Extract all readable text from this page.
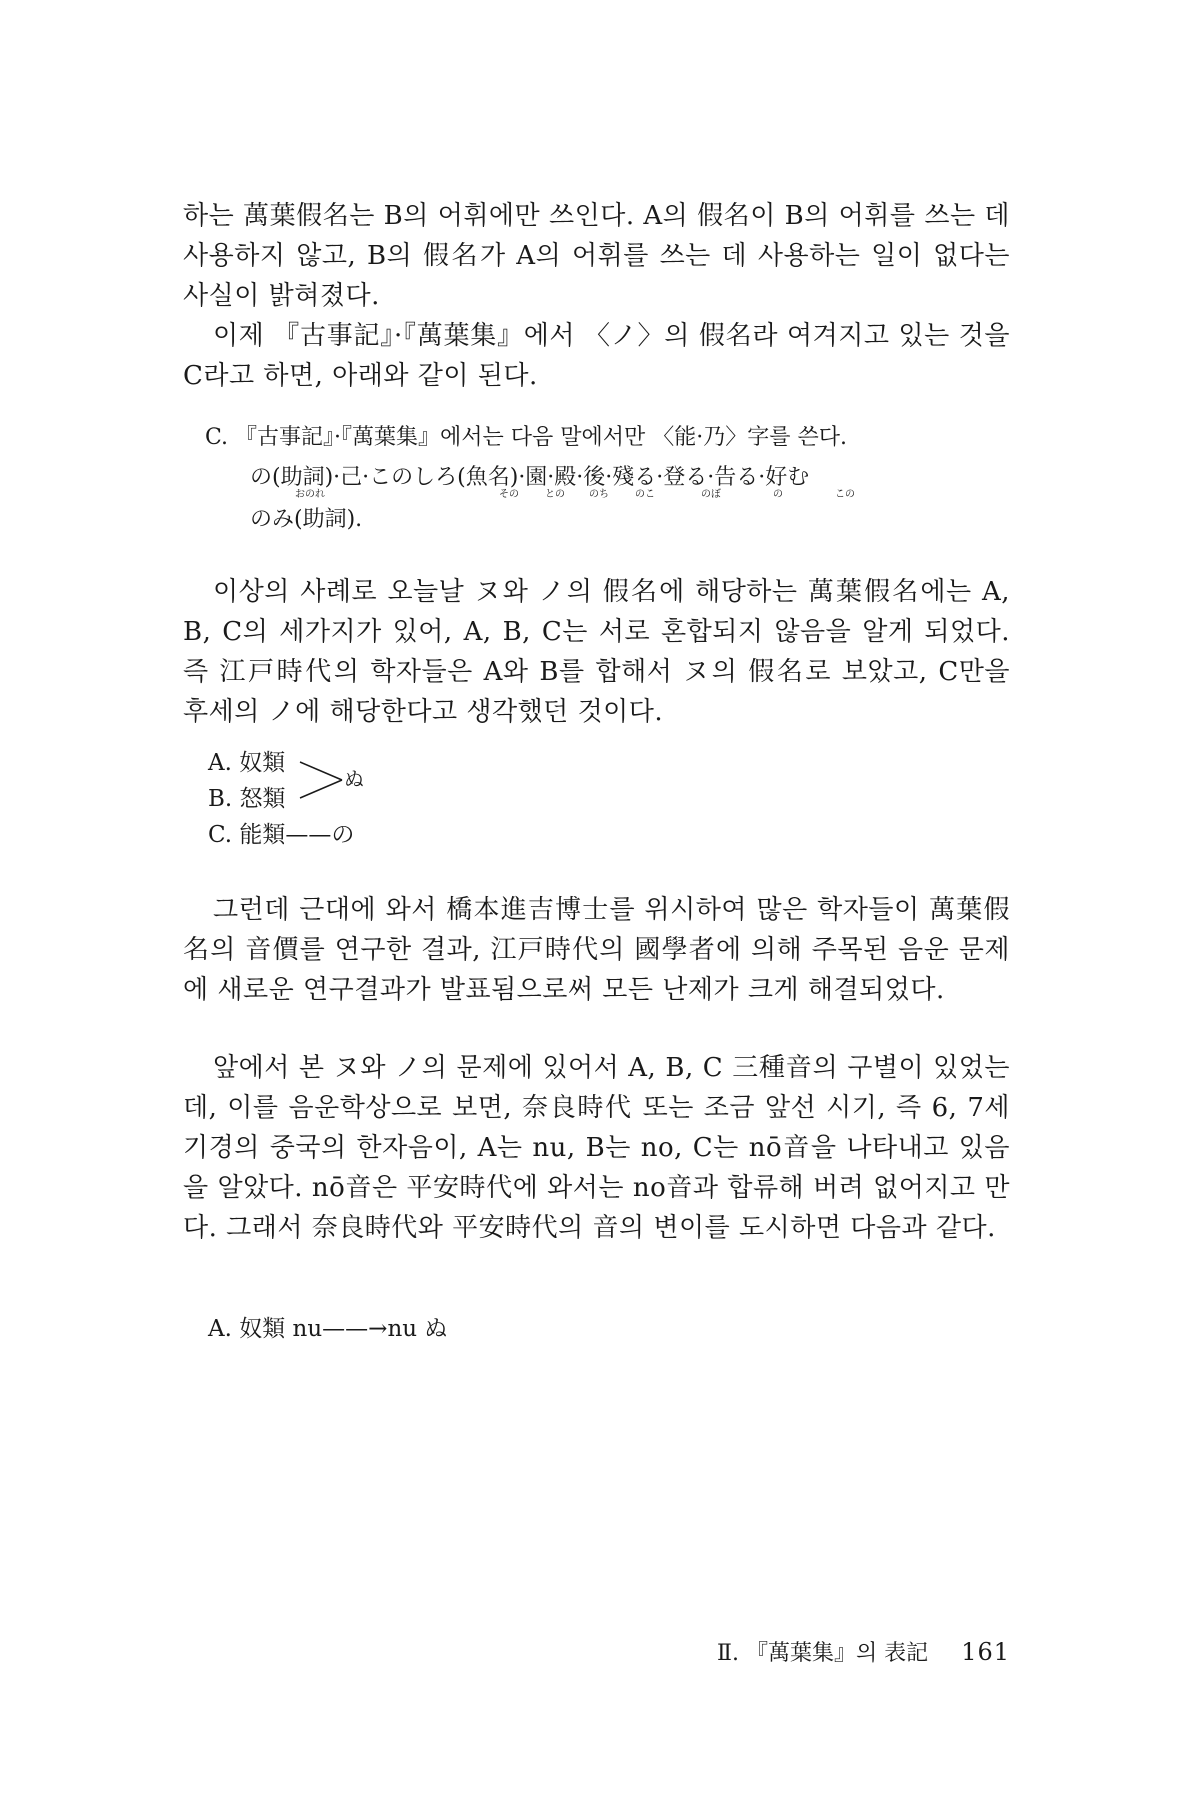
하는 萬葉假名는 B의 어휘에만 쓰인다. A의 假名이 B의 어휘를 쓰는 데 사용하지 않고, B의 假名가 A의 어휘를 쓰는 데 사용하는 일이 없다는 사실이 밝혀졌다.
이제 『古事記』·『萬葉集』에서 〈ノ〉의 假名라 여겨지고 있는 것을 C라고 하면, 아래와 같이 된다.
C. 『古事記』·『萬葉集』에서는 다음 말에서만 〈能·乃〉字를 쓴다.
の(助詞)·己·このしろ(魚名)·園·殿·後·殘る·登る·告る·好む
おのれ	その	との のち	のこ	のぼ	の	この
のみ(助詞).
이상의 사례로 오늘날 ヌ와 ノ의 假名에 해당하는 萬葉假名에는 A, B, C의 세가지가 있어, A, B, C는 서로 혼합되지 않음을 알게 되었다. 즉 江戸時代의 학자들은 A와 B를 합해서 ヌ의 假名로 보았고, C만을 후세의 ノ에 해당한다고 생각했던 것이다.
A. 奴類
B. 怒類
C. 能類——の
ぬ
그런데 근대에 와서 橋本進吉博士를 위시하여 많은 학자들이 萬葉假名의 音價를 연구한 결과, 江戸時代의 國學者에 의해 주목된 음운 문제에 새로운 연구결과가 발표됨으로써 모든 난제가 크게 해결되었다.
앞에서 본 ヌ와 ノ의 문제에 있어서 A, B, C 三種音의 구별이 있었는데, 이를 음운학상으로 보면, 奈良時代 또는 조금 앞선 시기, 즉 6, 7세기경의 중국의 한자음이, A는 nu, B는 no, C는 nō音을 나타내고 있음을 알았다. nō音은 平安時代에 와서는 no音과 합류해 버려 없어지고 만다. 그래서 奈良時代와 平安時代의 音의 변이를 도시하면 다음과 같다.
A. 奴類 nu——→nu ぬ
Ⅱ. 『萬葉集』의 表記 161
